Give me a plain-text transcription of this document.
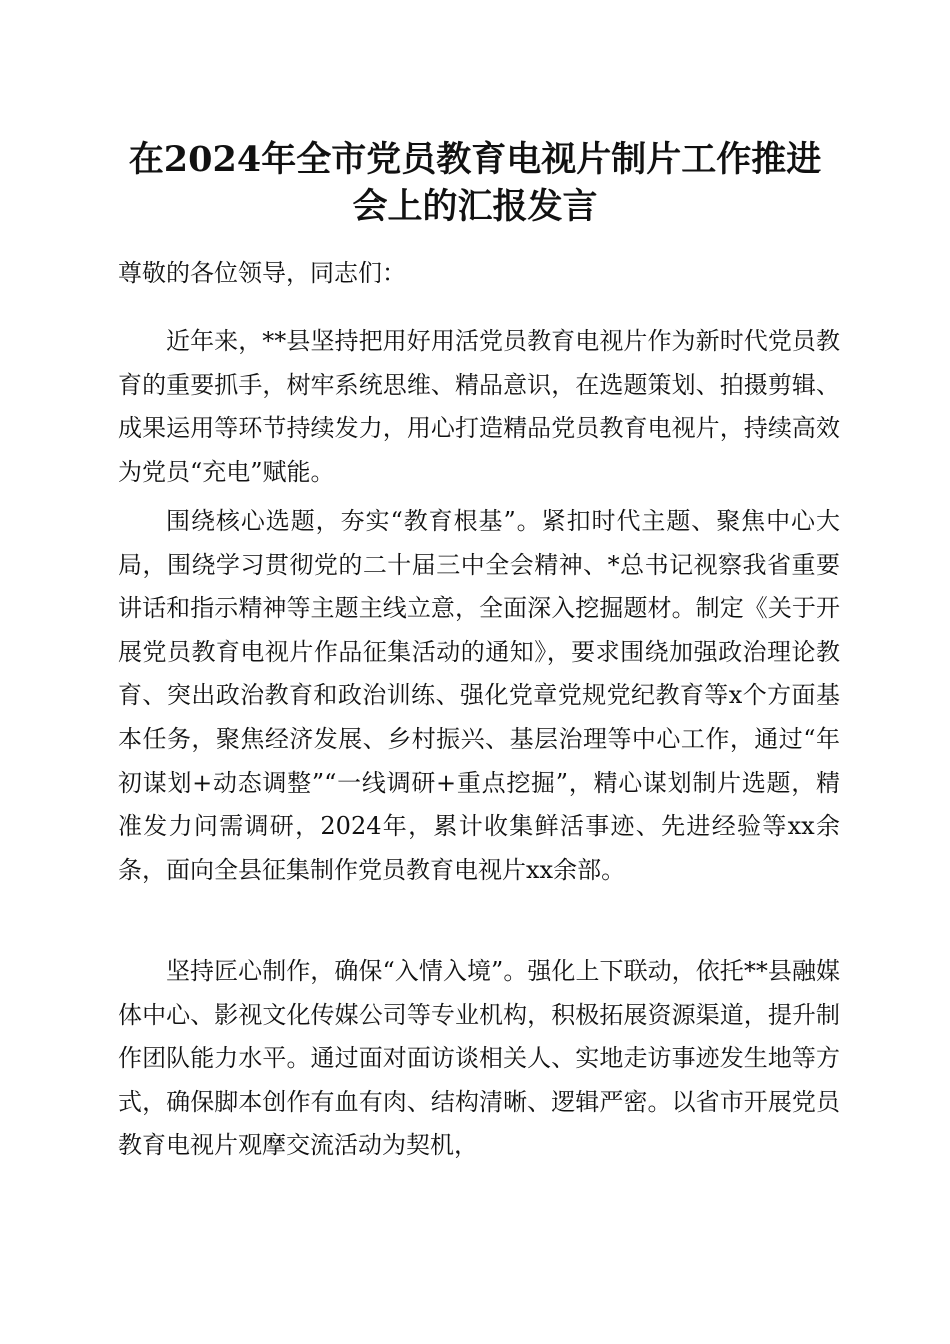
在2024年全市党员教育电视片制片工作推进
会上的汇报发言
尊敬的各位领导，同志们：

近年来，**县坚持把用好用活党员教育电视片作为新时代党员教育的重要抓手，树牢系统思维、精品意识，在选题策划、拍摄剪辑、成果运用等环节持续发力，用心打造精品党员教育电视片，持续高效为党员“充电”赋能。

围绕核心选题，夯实“教育根基”。紧扣时代主题、聚焦中心大局，围绕学习贯彻党的二十届三中全会精神、*总书记视察我省重要讲话和指示精神等主题主线立意，全面深入挖掘题材。制定《关于开展党员教育电视片作品征集活动的通知》，要求围绕加强政治理论教育、突出政治教育和政治训练、强化党章党规党纪教育等x个方面基本任务，聚焦经济发展、乡村振兴、基层治理等中心工作，通过“年初谋划+动态调整”“一线调研+重点挖掘”，精心谋划制片选题，精准发力问需调研，2024年，累计收集鲜活事迹、先进经验等xx余条，面向全县征集制作党员教育电视片xx余部。

坚持匠心制作，确保“入情入境”。强化上下联动，依托**县融媒体中心、影视文化传媒公司等专业机构，积极拓展资源渠道，提升制作团队能力水平。通过面对面访谈相关人、实地走访事迹发生地等方式，确保脚本创作有血有肉、结构清晰、逻辑严密。以省市开展党员教育电视片观摩交流活动为契机，
